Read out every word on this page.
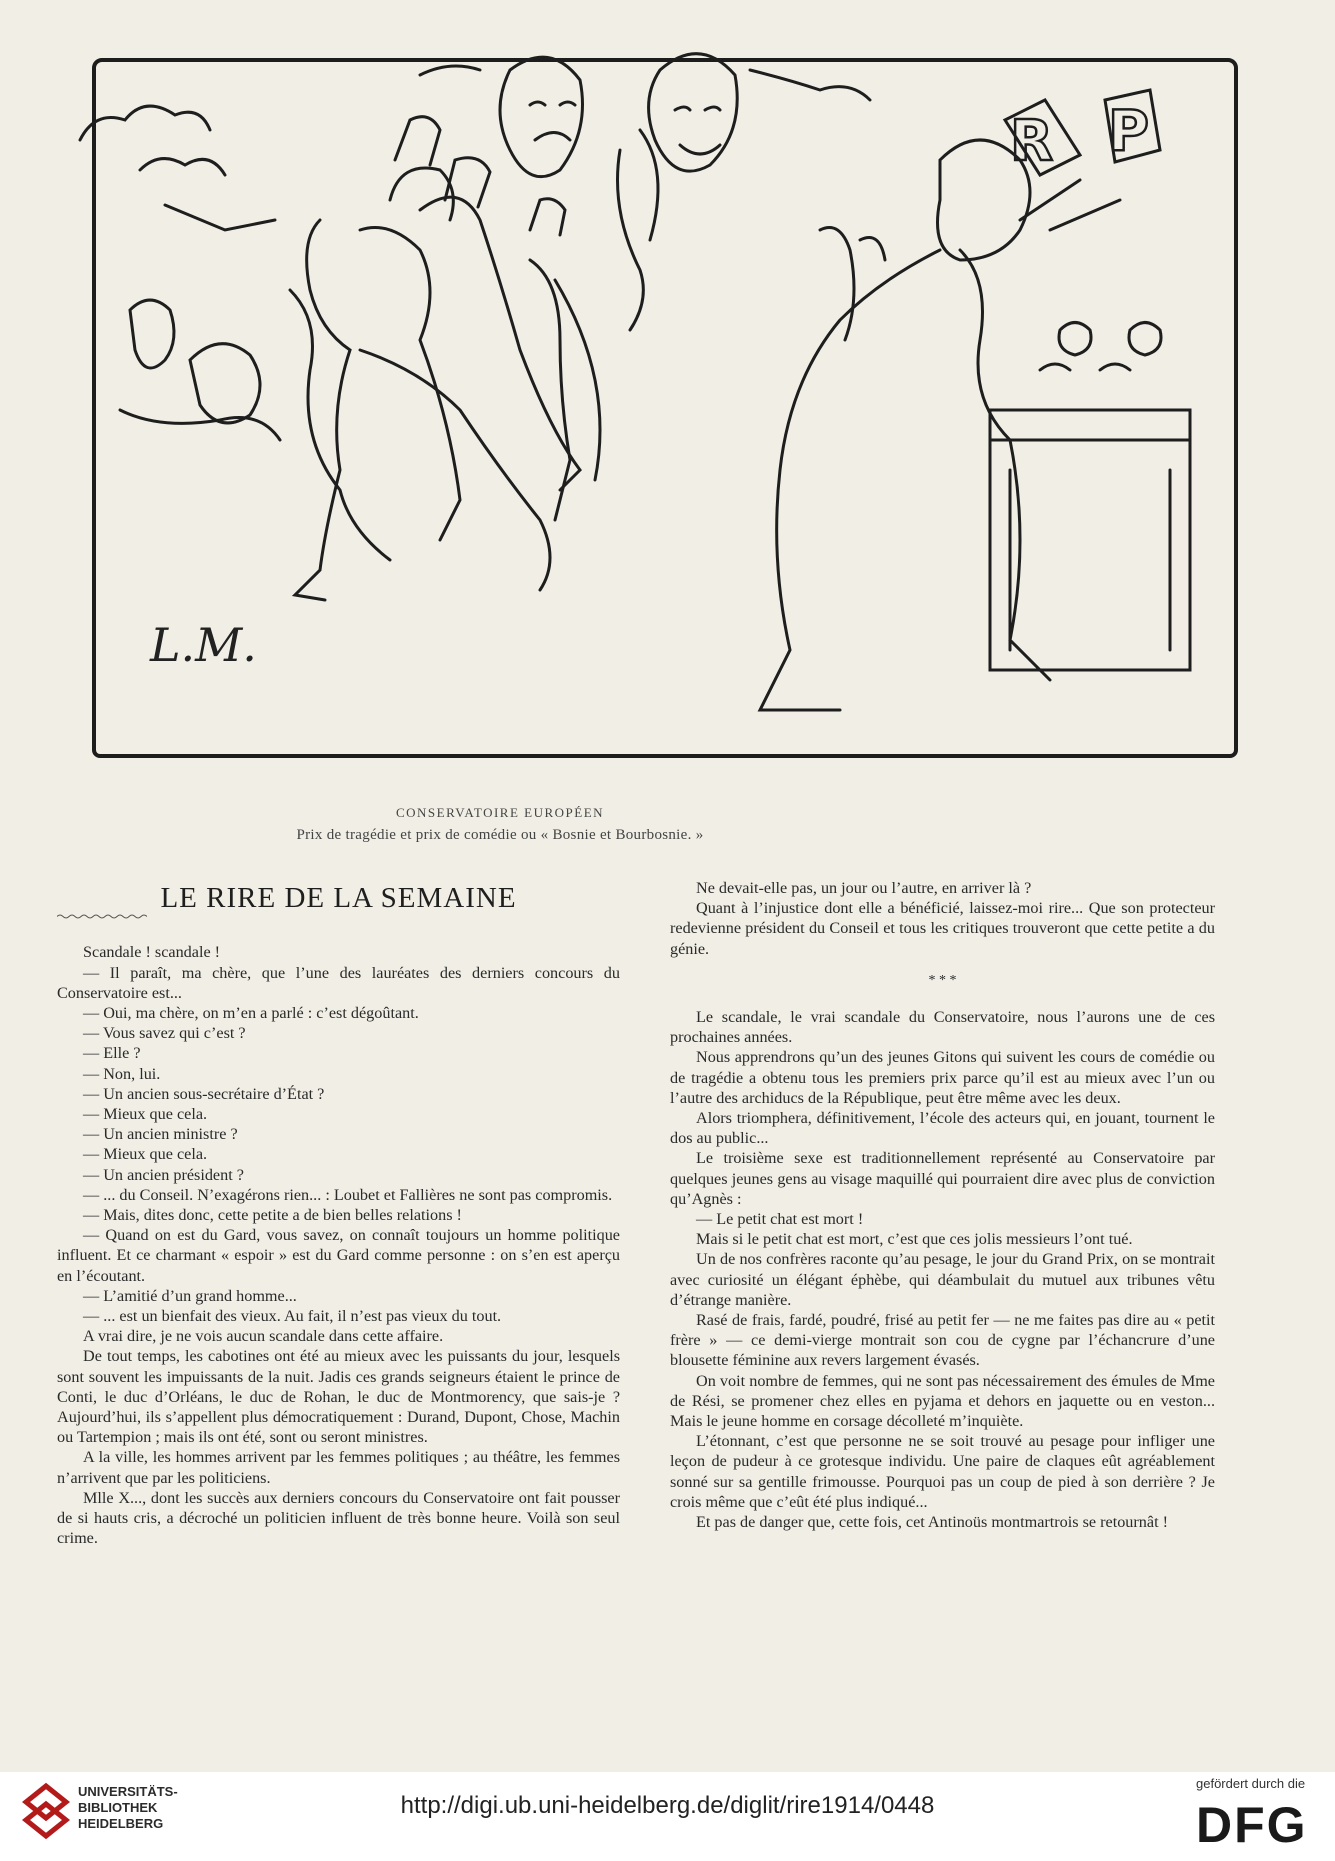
R P
L.M.
CONSERVATOIRE EUROPÉEN
Prix de tragédie et prix de comédie ou « Bosnie et Bourbosnie. »
LE RIRE DE LA SEMAINE

Scandale ! scandale !

— Il paraît, ma chère, que l’une des lauréates des derniers concours du Conservatoire est...

— Oui, ma chère, on m’en a parlé : c’est dégoûtant.

— Vous savez qui c’est ?

— Elle ?

— Non, lui.

— Un ancien sous-secrétaire d’État ?

— Mieux que cela.

— Un ancien ministre ?

— Mieux que cela.

— Un ancien président ?

— ... du Conseil. N’exagérons rien... : Loubet et Fallières ne sont pas compromis.

— Mais, dites donc, cette petite a de bien belles relations !

— Quand on est du Gard, vous savez, on connaît toujours un homme politique influent. Et ce charmant « espoir » est du Gard comme personne : on s’en est aperçu en l’écoutant.

— L’amitié d’un grand homme...

— ... est un bienfait des vieux. Au fait, il n’est pas vieux du tout.

A vrai dire, je ne vois aucun scandale dans cette affaire.

De tout temps, les cabotines ont été au mieux avec les puissants du jour, lesquels sont souvent les impuissants de la nuit. Jadis ces grands seigneurs étaient le prince de Conti, le duc d’Orléans, le duc de Rohan, le duc de Montmorency, que sais-je ? Aujourd’hui, ils s’appellent plus démocratiquement : Durand, Dupont, Chose, Machin ou Tartempion ; mais ils ont été, sont ou seront ministres.

A la ville, les hommes arrivent par les femmes politiques ; au théâtre, les femmes n’arrivent que par les politiciens.

Mlle X..., dont les succès aux derniers concours du Conservatoire ont fait pousser de si hauts cris, a décroché un politicien influent de très bonne heure. Voilà son seul crime.

Ne devait-elle pas, un jour ou l’autre, en arriver là ?

Quant à l’injustice dont elle a bénéficié, laissez-moi rire... Que son protecteur redevienne président du Conseil et tous les critiques trouveront que cette petite a du génie.

* * *

Le scandale, le vrai scandale du Conservatoire, nous l’aurons une de ces prochaines années.

Nous apprendrons qu’un des jeunes Gitons qui suivent les cours de comédie ou de tragédie a obtenu tous les premiers prix parce qu’il est au mieux avec l’un ou l’autre des archiducs de la République, peut être même avec les deux.

Alors triomphera, définitivement, l’école des acteurs qui, en jouant, tournent le dos au public...

Le troisième sexe est traditionnellement représenté au Conservatoire par quelques jeunes gens au visage maquillé qui pourraient dire avec plus de conviction qu’Agnès :

— Le petit chat est mort !

Mais si le petit chat est mort, c’est que ces jolis messieurs l’ont tué.

Un de nos confrères raconte qu’au pesage, le jour du Grand Prix, on se montrait avec curiosité un élégant éphèbe, qui déambulait du mutuel aux tribunes vêtu d’étrange manière.

Rasé de frais, fardé, poudré, frisé au petit fer — ne me faites pas dire au « petit frère » — ce demi-vierge montrait son cou de cygne par l’échancrure d’une blousette féminine aux revers largement évasés.

On voit nombre de femmes, qui ne sont pas nécessairement des émules de Mme de Rési, se promener chez elles en pyjama et dehors en jaquette ou en veston... Mais le jeune homme en corsage décolleté m’inquiète.

L’étonnant, c’est que personne ne se soit trouvé au pesage pour infliger une leçon de pudeur à ce grotesque individu. Une paire de claques eût agréablement sonné sur sa gentille frimousse. Pourquoi pas un coup de pied à son derrière ? Je crois même que c’eût été plus indiqué...

Et pas de danger que, cette fois, cet Antinoüs montmartrois se retournât !

UNIVERSITÄTS-
BIBLIOTHEK
HEIDELBERG
http://digi.ub.uni-heidelberg.de/diglit/rire1914/0448
gefördert durch die
DFG
